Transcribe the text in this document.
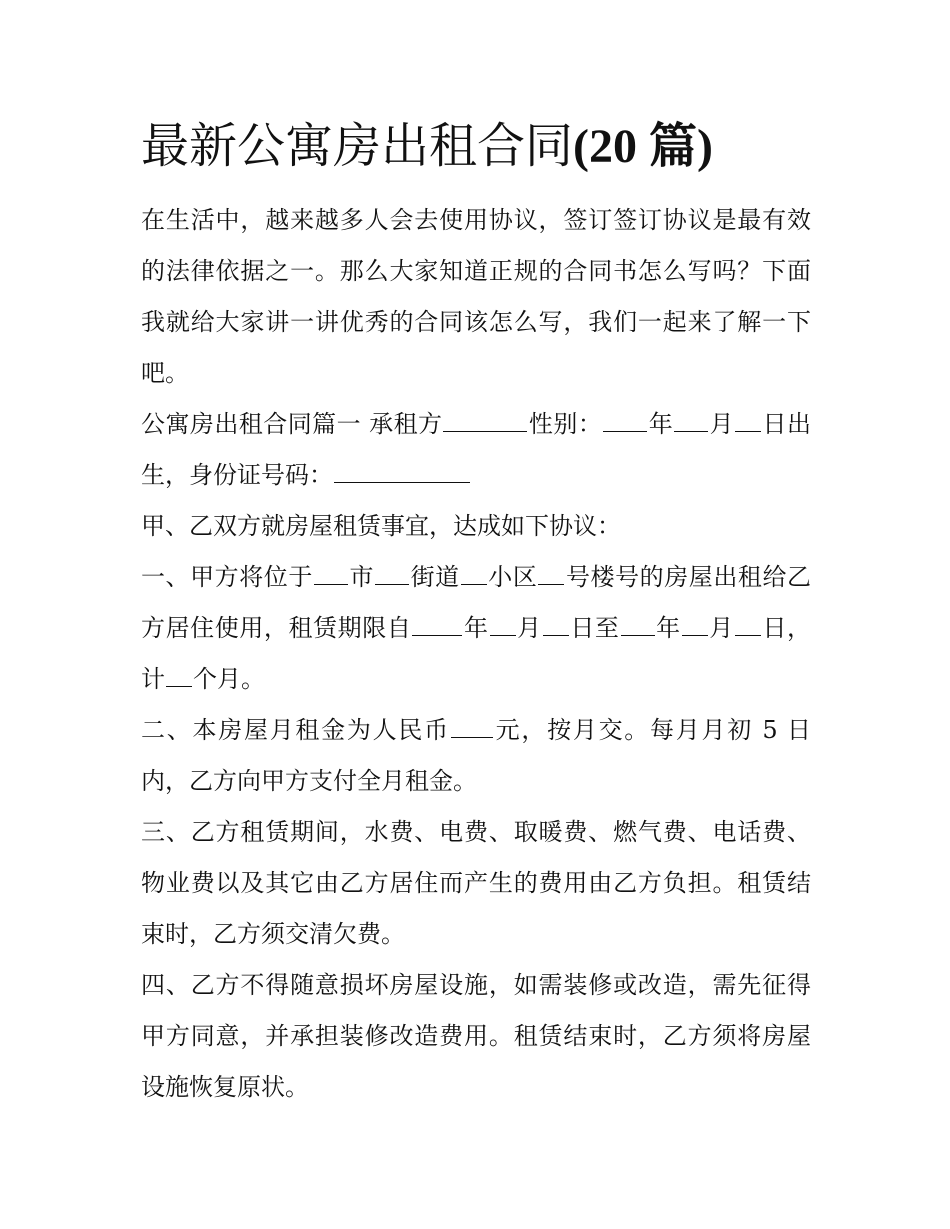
最新公寓房出租合同(20 篇)

在生活中，越来越多人会去使用协议，签订签订协议是最有效的法律依据之一。那么大家知道正规的合同书怎么写吗？下面我就给大家讲一讲优秀的合同该怎么写，我们一起来了解一下吧。

公寓房出租合同篇一 承租方	性别： 年 月 日出生，身份证号码：

甲、乙双方就房屋租赁事宜，达成如下协议：

一、甲方将位于 市 街道 小区 号楼号的房屋出租给乙方居住使用，租赁期限自 年 月 日至 年 月 日，计 个月。

二、本房屋月租金为人民币 元，按月交。每月月初 5 日内，乙方向甲方支付全月租金。

三、乙方租赁期间，水费、电费、取暖费、燃气费、电话费、物业费以及其它由乙方居住而产生的费用由乙方负担。租赁结束时，乙方须交清欠费。

四、乙方不得随意损坏房屋设施，如需装修或改造，需先征得甲方同意，并承担装修改造费用。租赁结束时，乙方须将房屋设施恢复原状。
